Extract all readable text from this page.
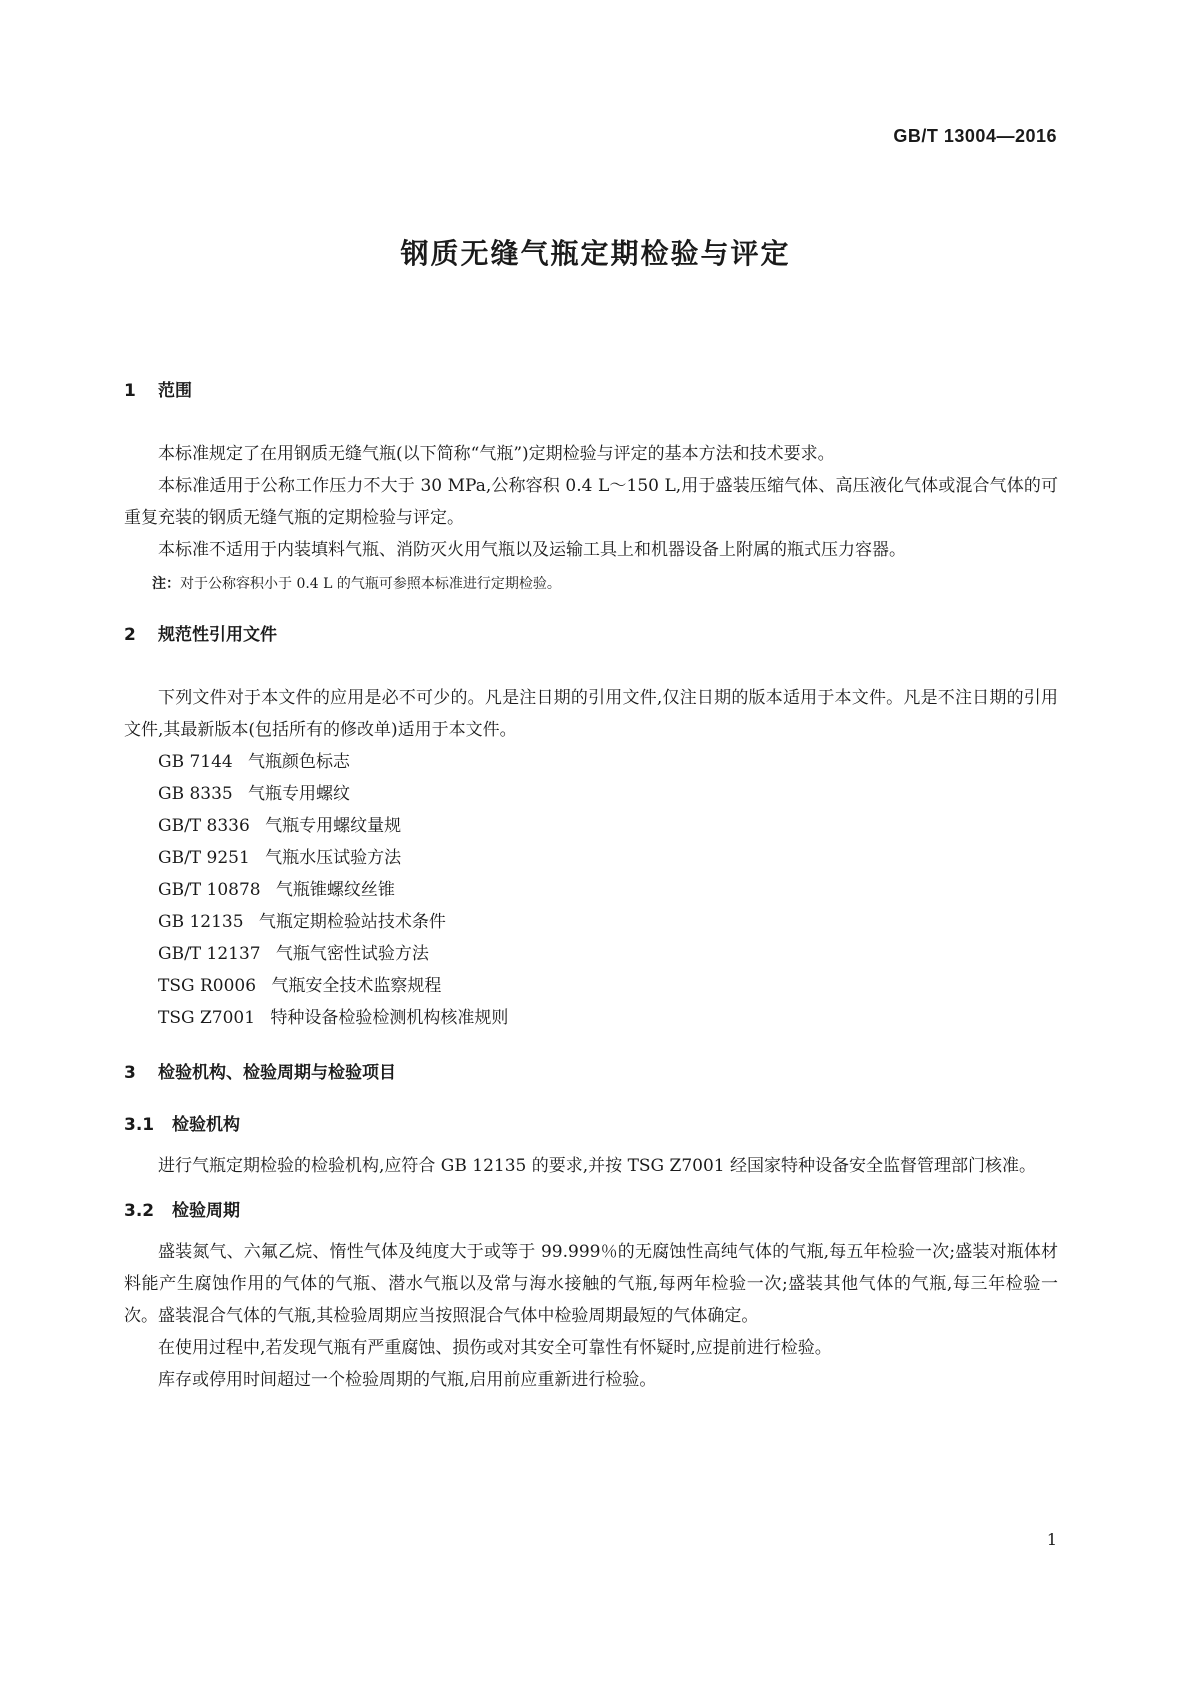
GB/T 13004—2016
钢质无缝气瓶定期检验与评定
1 范围

本标准规定了在用钢质无缝气瓶(以下简称“气瓶”)定期检验与评定的基本方法和技术要求。

本标准适用于公称工作压力不大于 30 MPa,公称容积 0.4 L～150 L,用于盛装压缩气体、高压液化气体或混合气体的可重复充装的钢质无缝气瓶的定期检验与评定。

本标准不适用于内装填料气瓶、消防灭火用气瓶以及运输工具上和机器设备上附属的瓶式压力容器。

注：对于公称容积小于 0.4 L 的气瓶可参照本标准进行定期检验。
2 规范性引用文件

下列文件对于本文件的应用是必不可少的。凡是注日期的引用文件,仅注日期的版本适用于本文件。凡是不注日期的引用文件,其最新版本(包括所有的修改单)适用于本文件。

GB 7144 气瓶颜色标志
GB 8335 气瓶专用螺纹
GB/T 8336 气瓶专用螺纹量规
GB/T 9251 气瓶水压试验方法
GB/T 10878 气瓶锥螺纹丝锥
GB 12135 气瓶定期检验站技术条件
GB/T 12137 气瓶气密性试验方法
TSG R0006 气瓶安全技术监察规程
TSG Z7001 特种设备检验检测机构核准规则
3 检验机构、检验周期与检验项目
3.1 检验机构

进行气瓶定期检验的检验机构,应符合 GB 12135 的要求,并按 TSG Z7001 经国家特种设备安全监督管理部门核准。

3.2 检验周期

盛装氮气、六氟乙烷、惰性气体及纯度大于或等于 99.999％的无腐蚀性高纯气体的气瓶,每五年检验一次;盛装对瓶体材料能产生腐蚀作用的气体的气瓶、潜水气瓶以及常与海水接触的气瓶,每两年检验一次;盛装其他气体的气瓶,每三年检验一次。盛装混合气体的气瓶,其检验周期应当按照混合气体中检验周期最短的气体确定。

在使用过程中,若发现气瓶有严重腐蚀、损伤或对其安全可靠性有怀疑时,应提前进行检验。

库存或停用时间超过一个检验周期的气瓶,启用前应重新进行检验。

1
